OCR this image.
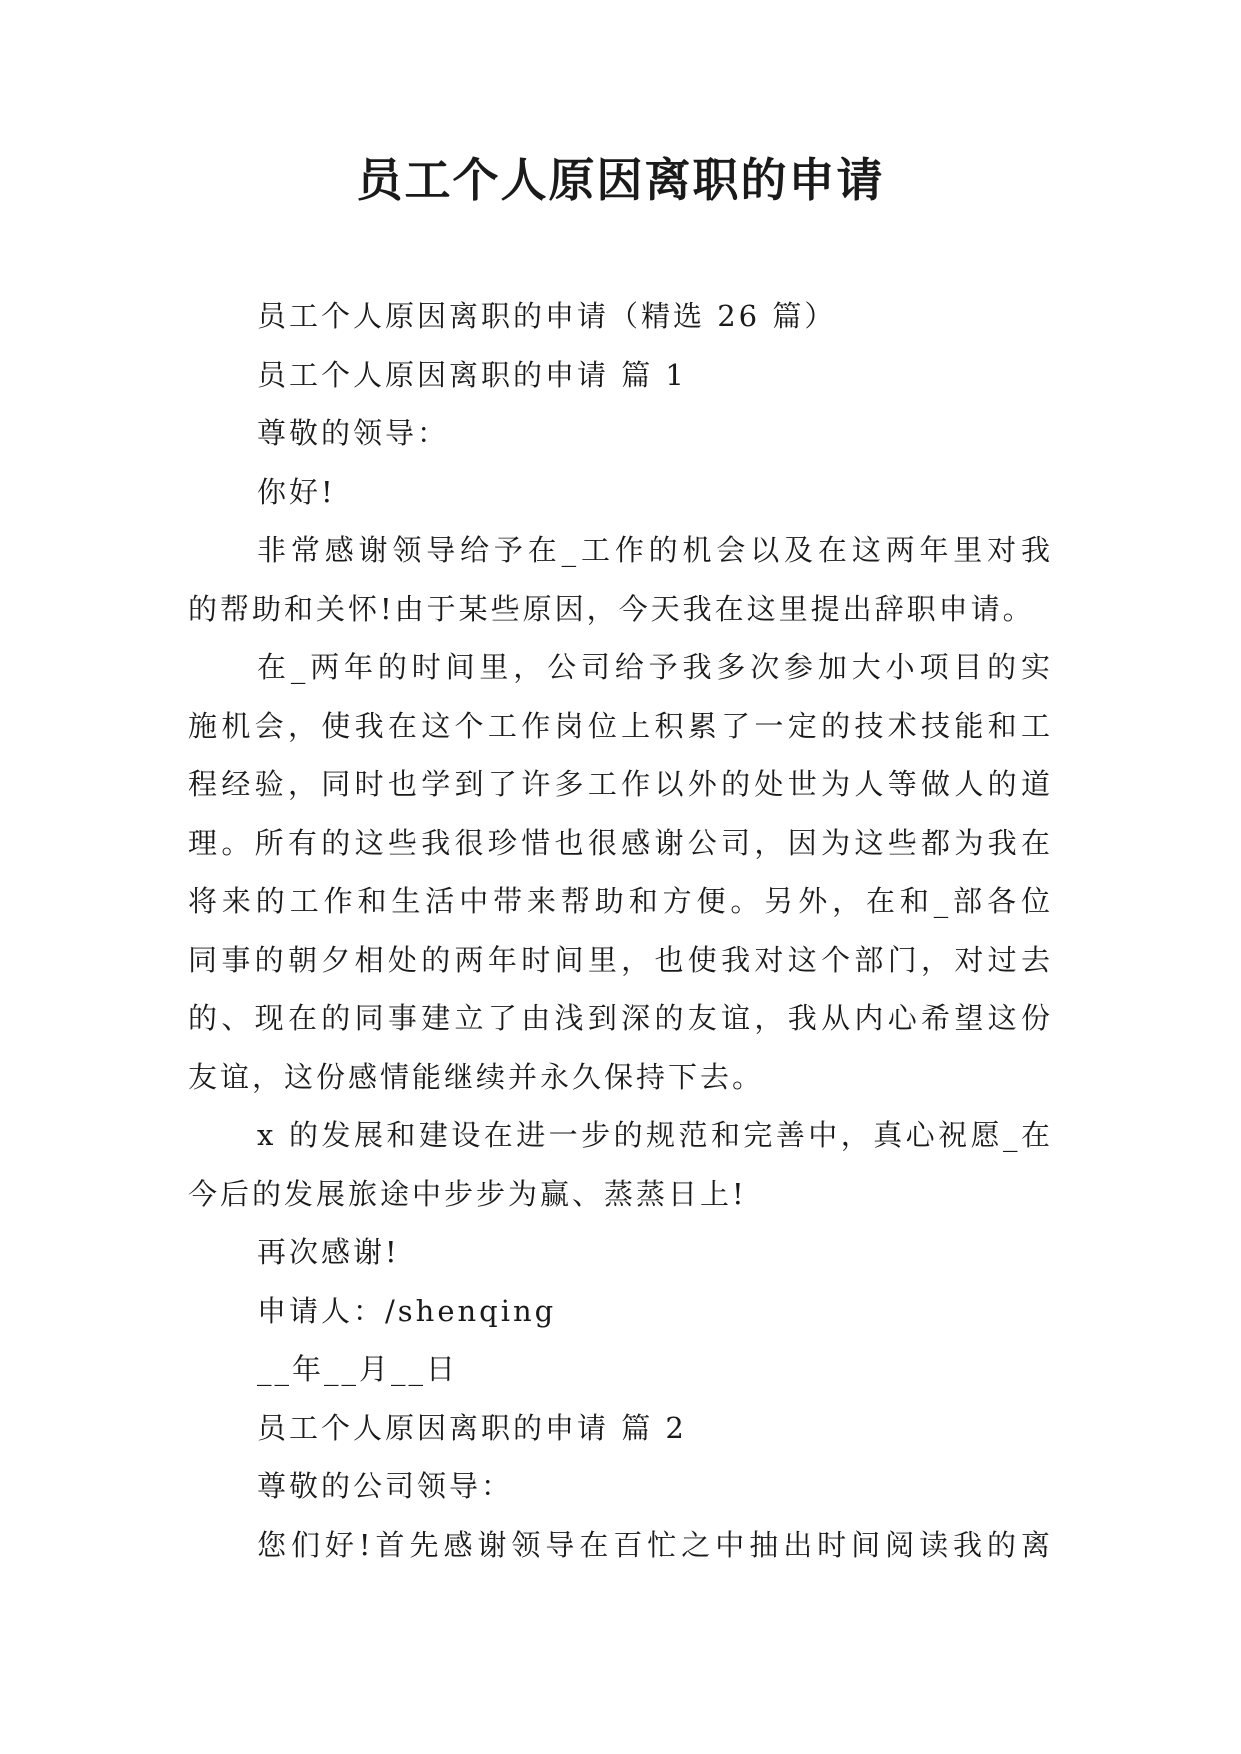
员工个人原因离职的申请
员工个人原因离职的申请（精选 26 篇）
员工个人原因离职的申请 篇 1
尊敬的领导：
你好!
非常感谢领导给予在_工作的机会以及在这两年里对我
的帮助和关怀!由于某些原因，今天我在这里提出辞职申请。
在_两年的时间里，公司给予我多次参加大小项目的实
施机会，使我在这个工作岗位上积累了一定的技术技能和工
程经验，同时也学到了许多工作以外的处世为人等做人的道
理。所有的这些我很珍惜也很感谢公司，因为这些都为我在
将来的工作和生活中带来帮助和方便。另外，在和_部各位
同事的朝夕相处的两年时间里，也使我对这个部门，对过去
的、现在的同事建立了由浅到深的友谊，我从内心希望这份
友谊，这份感情能继续并永久保持下去。
x 的发展和建设在进一步的规范和完善中，真心祝愿_在
今后的发展旅途中步步为赢、蒸蒸日上!
再次感谢!
申请人：/shenqing
__年__月__日
员工个人原因离职的申请 篇 2
尊敬的公司领导：
您们好!首先感谢领导在百忙之中抽出时间阅读我的离
